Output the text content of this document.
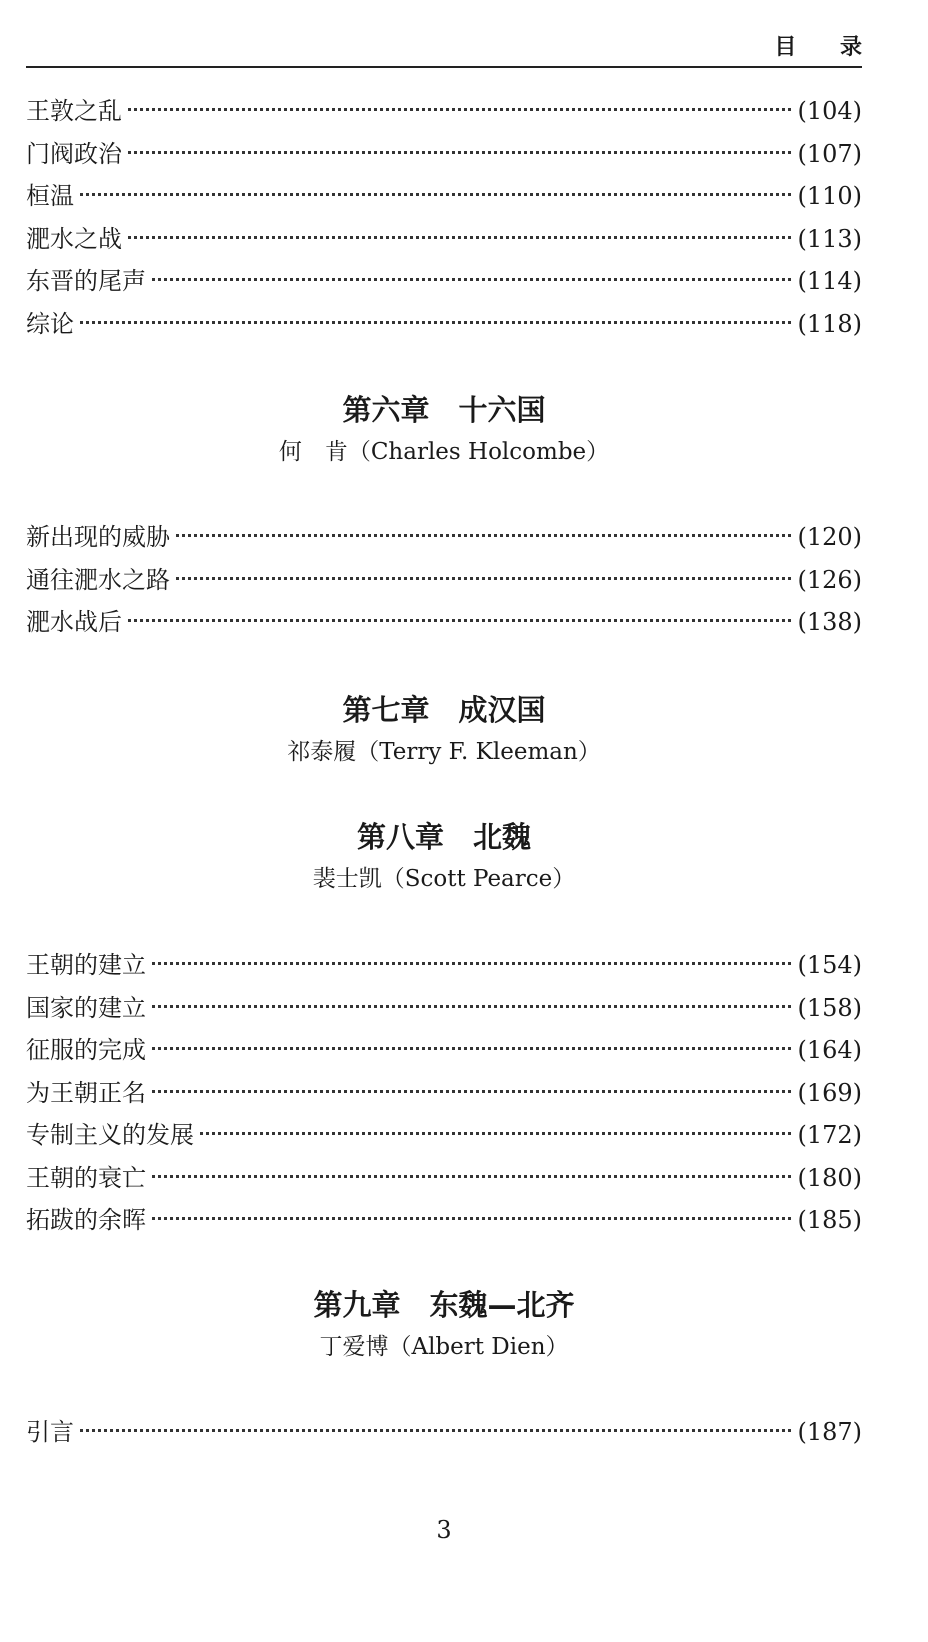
目 录
王敦之乱	(104)
门阀政治	(107)
桓温	(110)
淝水之战	(113)
东晋的尾声	(114)
综论	(118)
第六章　十六国
何　肯（Charles Holcombe）
新出现的威胁	(120)
通往淝水之路	(126)
淝水战后	(138)
第七章　成汉国
祁泰履（Terry F. Kleeman）
第八章　北魏
裴士凯（Scott Pearce）
王朝的建立	(154)
国家的建立	(158)
征服的完成	(164)
为王朝正名	(169)
专制主义的发展	(172)
王朝的衰亡	(180)
拓跋的余晖	(185)
第九章　东魏—北齐
丁爱博（Albert Dien）
引言	(187)
3
